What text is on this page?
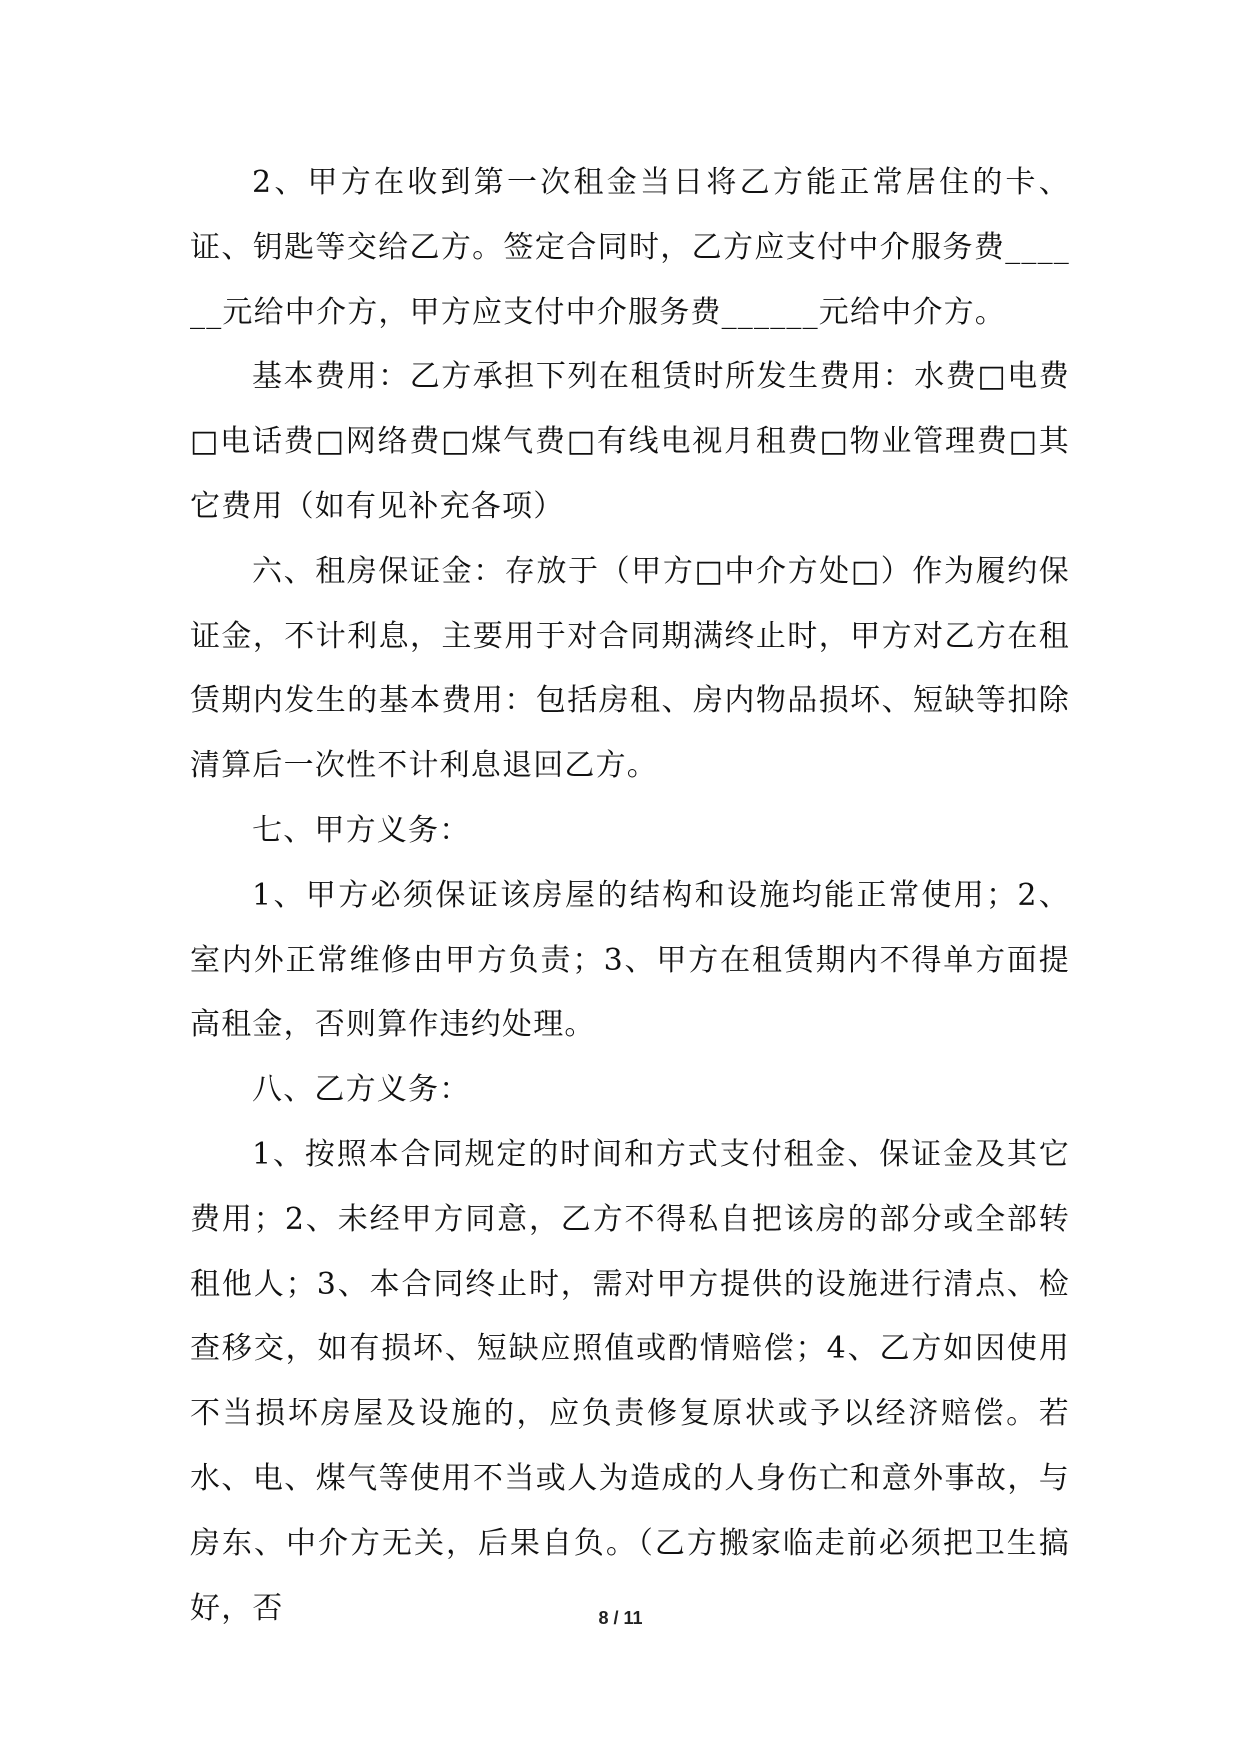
2、甲方在收到第一次租金当日将乙方能正常居住的卡、证、钥匙等交给乙方。签定合同时，乙方应支付中介服务费______元给中介方，甲方应支付中介服务费______元给中介方。

基本费用：乙方承担下列在租赁时所发生费用：水费□电费□电话费□网络费□煤气费□有线电视月租费□物业管理费□其它费用（如有见补充各项）

六、租房保证金：存放于（甲方□中介方处□）作为履约保证金，不计利息，主要用于对合同期满终止时，甲方对乙方在租赁期内发生的基本费用：包括房租、房内物品损坏、短缺等扣除清算后一次性不计利息退回乙方。

七、甲方义务：

1、甲方必须保证该房屋的结构和设施均能正常使用；2、室内外正常维修由甲方负责；3、甲方在租赁期内不得单方面提高租金，否则算作违约处理。

八、乙方义务：

1、按照本合同规定的时间和方式支付租金、保证金及其它费用；2、未经甲方同意，乙方不得私自把该房的部分或全部转租他人；3、本合同终止时，需对甲方提供的设施进行清点、检查移交，如有损坏、短缺应照值或酌情赔偿；4、乙方如因使用不当损坏房屋及设施的，应负责修复原状或予以经济赔偿。若水、电、煤气等使用不当或人为造成的人身伤亡和意外事故，与房东、中介方无关，后果自负。（乙方搬家临走前必须把卫生搞好，否	8 / 11
